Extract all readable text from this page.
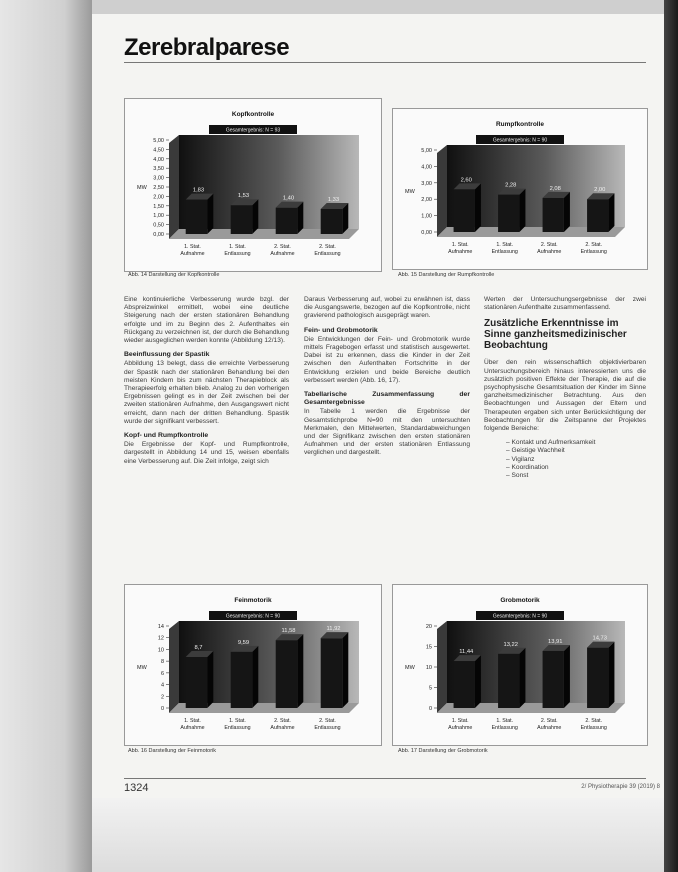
Zerebralparese
Kopfkontrolle
Gesamtergebnis: N = 93
5,00
4,50
4,00
3,50
3,00
2,50
2,00
1,50
1,00
0,50
0,00
MW	1,83
1. Stat.
Aufnahme
1,53
1. Stat.
Entlassung
1,40
2. Stat.
Aufnahme
1,33
2. Stat.
Entlassung
Abb. 14 Darstellung der Kopfkontrolle
Rumpfkontrolle
Gesamtergebnis: N = 90
5,00
4,00
3,00
2,00
1,00
0,00
MW
2,60
1. Stat.
Aufnahme
2,28
1. Stat.
Entlassung
2,08
2. Stat.
Aufnahme
2,00
2. Stat.
Entlassung
Abb. 15 Darstellung der Rumpfkontrolle
Feinmotorik
Gesamtergebnis: N = 90
14
12
10
8
6
4
2
0
MW
8,7
1. Stat.
Aufnahme
9,59
1. Stat.
Entlassung
11,58
2. Stat.
Aufnahme
11,92
2. Stat.
Entlassung
Abb. 16 Darstellung der Feinmotorik
Grobmotorik
Gesamtergebnis: N = 90
20
15
10
5
0
MW
11,44
1. Stat.
Aufnahme
13,22
1. Stat.
Entlassung
13,91
2. Stat.
Aufnahme
14,73
2. Stat.
Entlassung
Abb. 17 Darstellung der Grobmotorik

Eine kontinuierliche Verbesserung wurde bzgl. der Abspreizwinkel ermittelt, wobei eine deutliche Steigerung nach der ersten stationären Behandlung erfolgte und im zu Beginn des 2. Aufenthaltes ein Rückgang zu verzeichnen ist, der durch die Behandlung wieder ausgeglichen werden konnte (Abbildung 12/13).

Beeinflussung der Spastik

Abbildung 13 belegt, dass die erreichte Verbesserung der Spastik nach der stationären Behandlung bei den meisten Kindern bis zum nächsten Therapieblock als Therapieerfolg erhalten blieb. Analog zu den vorherigen Ergebnissen gelingt es in der Zeit zwischen bei der zweiten stationären Aufnahme, den Ausgangswert nicht erreicht, dann nach der dritten Behandlung. Spastik wurde der signifikant verbessert.

Kopf- und Rumpfkontrolle

Die Ergebnisse der Kopf- und Rumpfkontrolle, dargestellt in Abbildung 14 und 15, weisen ebenfalls eine Verbesserung auf. Die Zeit infolge, zeigt sich

Daraus Verbesserung auf, wobei zu erwähnen ist, dass die Ausgangswerte, bezogen auf die Kopfkontrolle, nicht gravierend pathologisch ausgeprägt waren.

Fein- und Grobmotorik

Die Entwicklungen der Fein- und Grobmotorik wurde mittels Fragebogen erfasst und statistisch ausgewertet. Dabei ist zu erkennen, dass die Kinder in der Zeit zwischen den Aufenthalten Fortschritte in der Entwicklung erzielen und beide Bereiche deutlich verbessert werden (Abb. 16, 17).

Tabellarische Zusammenfassung der Gesamtergebnisse

In Tabelle 1 werden die Ergebnisse der Gesamtstichprobe N=90 mit den untersuchten Merkmalen, den Mittelwerten, Standardabweichungen und der Signifikanz zwischen den ersten stationären Aufnahmen und der ersten stationären Entlassung verglichen und dargestellt.

Werten der Untersuchungsergebnisse der zwei stationären Aufenthalte zusammenfassend.

Zusätzliche Erkenntnisse im Sinne ganzheitsmedizinischer Beobachtung

Über den rein wissenschaftlich objektivierbaren Untersuchungsbereich hinaus interessierten uns die zusätzlich positiven Effekte der Therapie, die auf die psychophysische Gesamtsituation der Kinder im Sinne ganzheitsmedizinischer Betrachtung. Aus den Beobachtungen und Aussagen der Eltern und Therapeuten ergaben sich unter Berücksichtigung der Beobachtungen für die Zeitspanne der Projektes folgende Bereiche:

– Kontakt und Aufmerksamkeit
– Geistige Wachheit
– Vigilanz
– Koordination
– Sonst
1324	2/ Physiotherapie 39 (2019) 8
